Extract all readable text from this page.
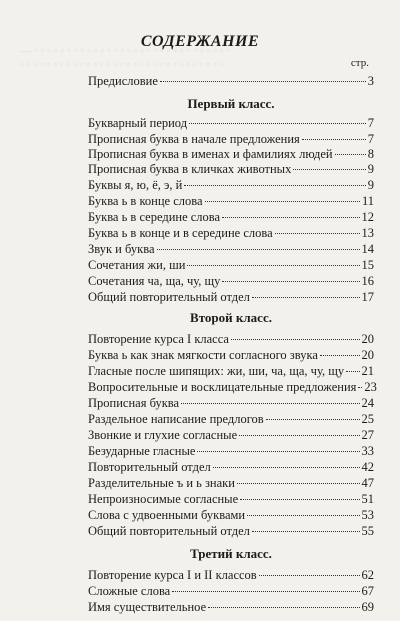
— ◦ ◦ ◦ ◦ ◦ ◦ ◦ ◦ ◦ ◦ ◦ ◦ ◦ ◦ ◦ ◦ ◦ ◦ ◦ ◦ ◦ ◦ ◦ ◦ ◦ ◦ ◦ ◦ ◦ ◦
◦ ◦ ◦ ◦ ◦ ◦ ◦ ◦ ◦ ◦ ◦ ◦ ◦ ◦ ◦ ◦ ◦ ◦ ◦ ◦ ◦ ◦ ◦ ◦ ◦ ◦ ◦ ◦ ◦ ◦ ◦
СОДЕРЖАНИЕ
стр.
Предисловие	3
Первый класс.
Букварный период	7
Прописная буква в начале предложения	7
Прописная буква в именах и фамилиях людей	8
Прописная буква в кличках животных	9
Буквы я, ю, ё, э, й	9
Буква ь в конце слова	11
Буква ь в середине слова	12
Буква ь в конце и в середине слова	13
Звук и буква	14
Сочетания жи, ши	15
Сочетания ча, ща, чу, щу	16
Общий повторительный отдел	17
Второй класс.
Повторение курса I класса	20
Буква ь как знак мягкости согласного звука	20
Гласные после шипящих: жи, ши, ча, ща, чу, щу 21
Вопросительные и восклицательные предложения 23
Прописная буква	24
Раздельное написание предлогов	25
Звонкие и глухие согласные	27
Безударные гласные	33
Повторительный отдел	42
Разделительные ъ и ь знаки	47
Непроизносимые согласные	51
Слова с удвоенными буквами	53
Общий повторительный отдел	55
Третий класс.
Повторение курса I и II классов	62
Сложные слова	67
Имя существительное	69
